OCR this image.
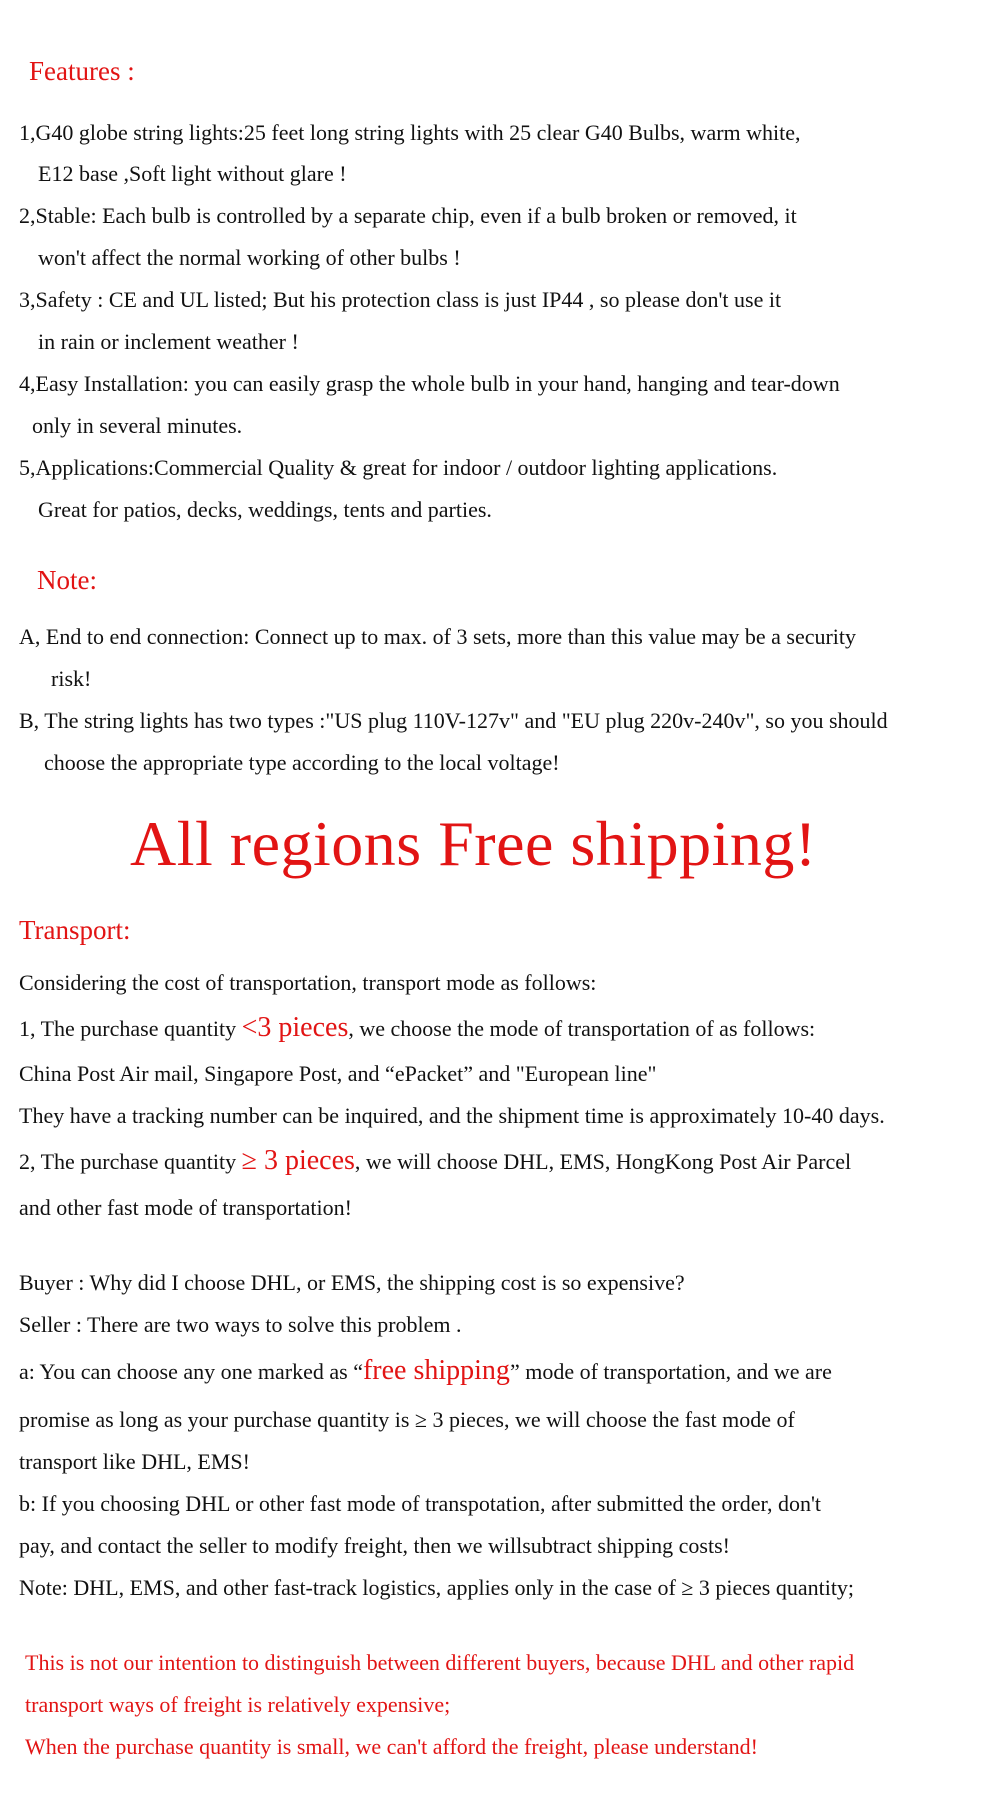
Features :
1,G40 globe string lights:25 feet long string lights with 25 clear G40 Bulbs, warm white,
E12 base ,Soft light without glare !
2,Stable: Each bulb is controlled by a separate chip, even if a bulb broken or removed, it
won't affect the normal working of other bulbs !
3,Safety : CE and UL listed; But his protection class is just IP44 , so please don't use it
in rain or inclement weather !
4,Easy Installation: you can easily grasp the whole bulb in your hand, hanging and tear-down
only in several minutes.
5,Applications:Commercial Quality & great for indoor / outdoor lighting applications.
Great for patios, decks, weddings, tents and parties.
Note:
A, End to end connection: Connect up to max. of 3 sets, more than this value may be a security
risk!
B, The string lights has two types :"US plug 110V-127v" and "EU plug 220v-240v", so you should
choose the appropriate type according to the local voltage!
All regions Free shipping!
Transport:
Considering the cost of transportation, transport mode as follows:
1, The purchase quantity <3 pieces, we choose the mode of transportation of as follows:
China Post Air mail, Singapore Post, and “ePacket” and "European line"
They have a tracking number can be inquired, and the shipment time is approximately 10-40 days.
2, The purchase quantity ≥ 3 pieces, we will choose DHL, EMS, HongKong Post Air Parcel
and other fast mode of transportation!
Buyer : Why did I choose DHL, or EMS, the shipping cost is so expensive?
Seller : There are two ways to solve this problem .
a: You can choose any one marked as “free shipping” mode of transportation, and we are
promise as long as your purchase quantity is ≥ 3 pieces, we will choose the fast mode of
transport like DHL, EMS!
b: If you choosing DHL or other fast mode of transpotation, after submitted the order, don't
pay, and contact the seller to modify freight, then we willsubtract shipping costs!
Note: DHL, EMS, and other fast-track logistics, applies only in the case of ≥ 3 pieces quantity;
This is not our intention to distinguish between different buyers, because DHL and other rapid
transport ways of freight is relatively expensive;
When the purchase quantity is small, we can't afford the freight, please understand!
